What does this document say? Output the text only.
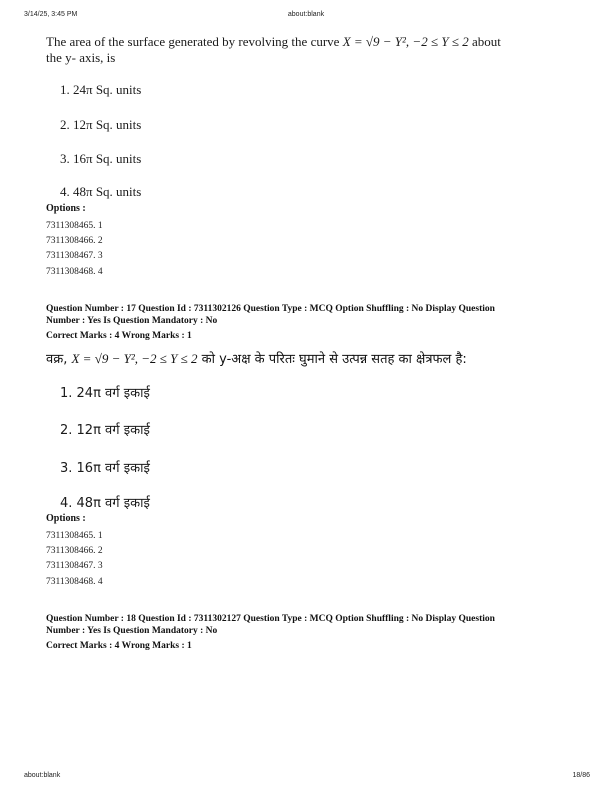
3/14/25, 3:45 PM	about:blank
The area of the surface generated by revolving the curve X = √9 − Y², −2 ≤ Y ≤ 2 about
the y- axis, is
1. 24π Sq. units
2. 12π Sq. units
3. 16π Sq. units
4. 48π Sq. units
Options :
7311308465. 1
7311308466. 2
7311308467. 3
7311308468. 4
Question Number : 17 Question Id : 7311302126 Question Type : MCQ Option Shuffling : No Display Question
Number : Yes Is Question Mandatory : No
Correct Marks : 4 Wrong Marks : 1
वक्र, X = √9 − Y², −2 ≤ Y ≤ 2 को y-अक्ष के परितः घुमाने से उत्पन्न सतह का क्षेत्रफल है:
1. 24π वर्ग इकाई
2. 12π वर्ग इकाई
3. 16π वर्ग इकाई
4. 48π वर्ग इकाई
Options :
7311308465. 1
7311308466. 2
7311308467. 3
7311308468. 4
Question Number : 18 Question Id : 7311302127 Question Type : MCQ Option Shuffling : No Display Question
Number : Yes Is Question Mandatory : No
Correct Marks : 4 Wrong Marks : 1
about:blank	18/86
